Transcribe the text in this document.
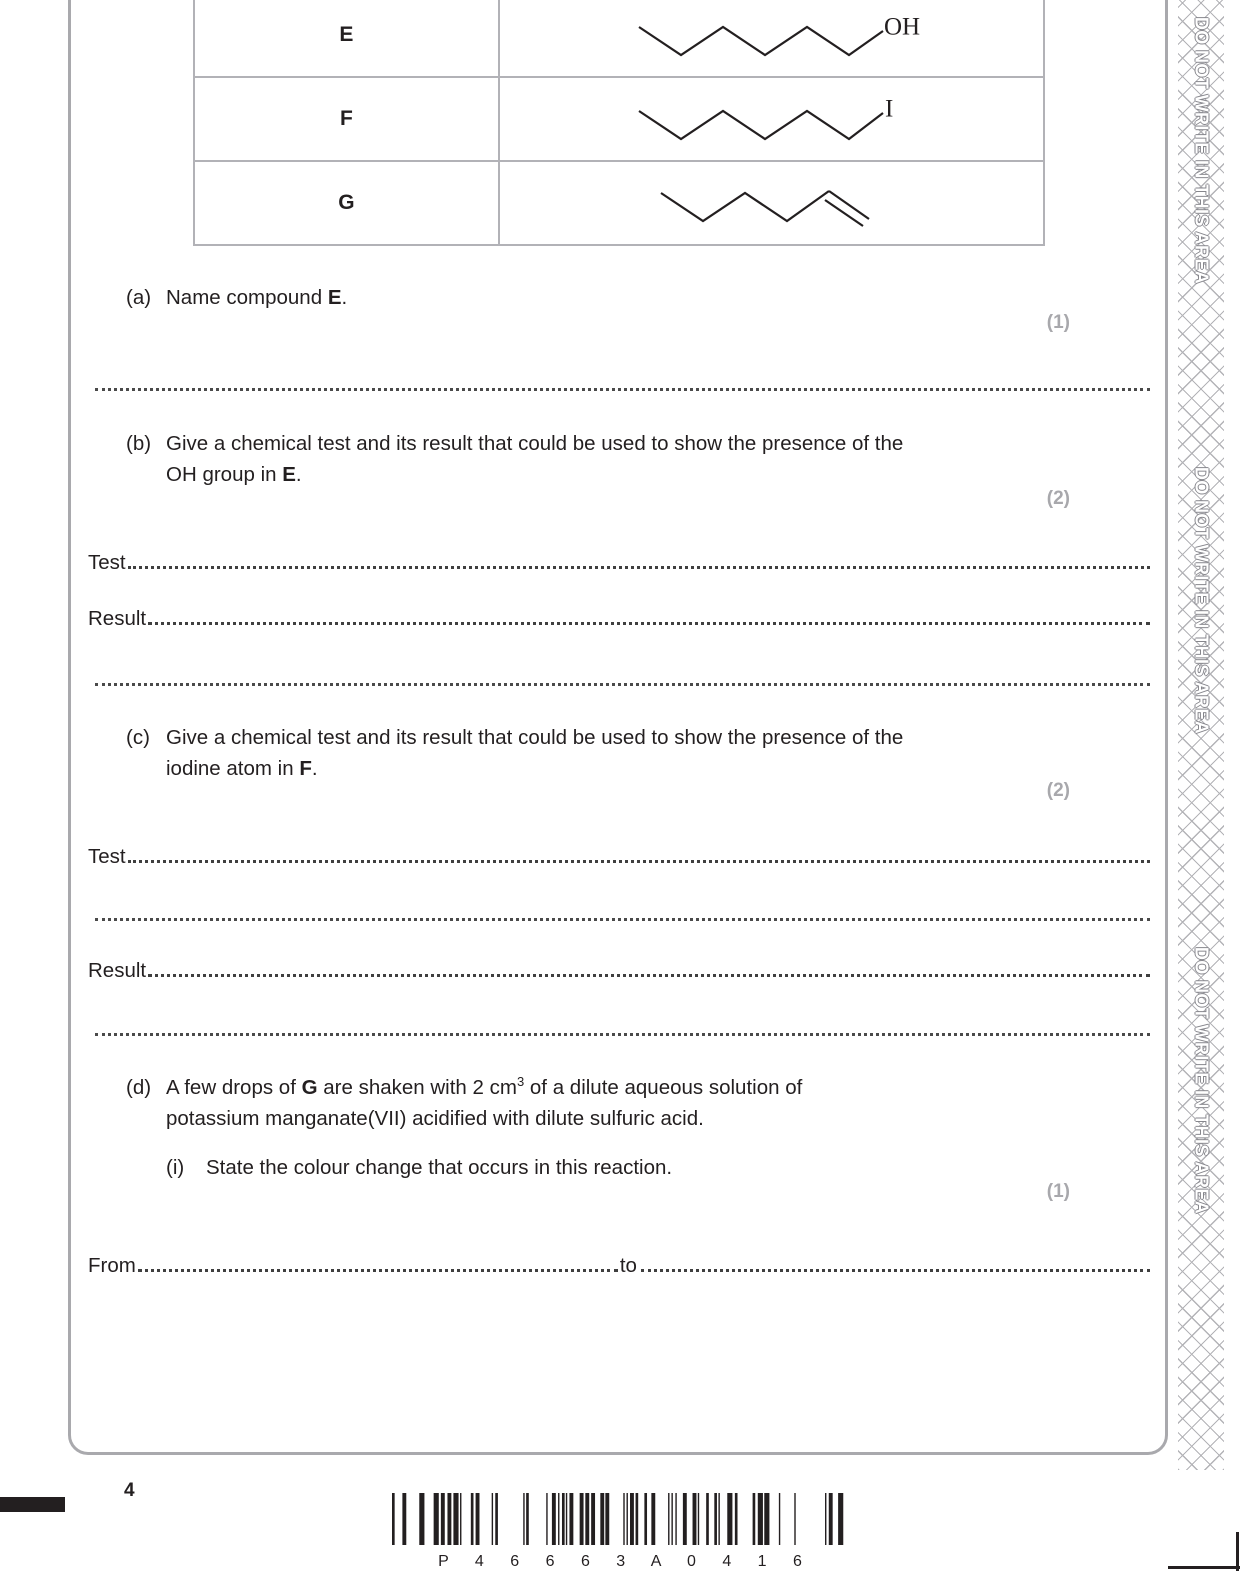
DO NOT WRITE IN THIS AREA
DO NOT WRITE IN THIS AREA
DO NOT WRITE IN THIS AREA
E	OH

F	I

G	
(a) Name compound E.
(1)
(b) Give a chemical test and its result that could be used to show the presence of the
OH group in E.
(2)
Test
Result
(c) Give a chemical test and its result that could be used to show the presence of the
iodine atom in F.
(2)
Test
Result
(d) A few drops of G are shaken with 2 $cm^3$ of a dilute aqueous solution of
potassium manganate(VII) acidified with dilute sulfuric acid.
(i)	State the colour change that occurs in this reaction.
(1)
From	to
4
P 4 6 6 6 3 A 0 4 1 6
